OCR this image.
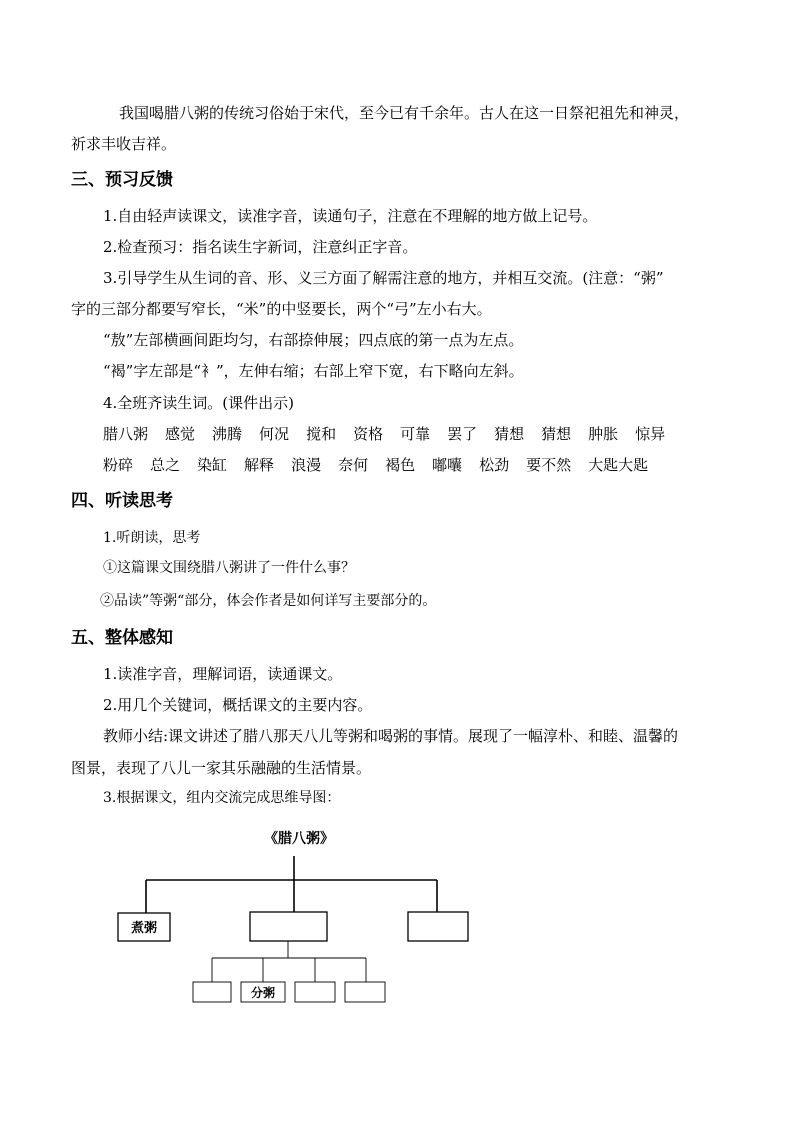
我国喝腊八粥的传统习俗始于宋代，至今已有千余年。古人在这一日祭祀祖先和神灵，
祈求丰收吉祥。
三、预习反馈
1.自由轻声读课文，读准字音，读通句子，注意在不理解的地方做上记号。
2.检查预习：指名读生字新词，注意纠正字音。
3.引导学生从生词的音、形、义三方面了解需注意的地方，并相互交流。(注意：“粥”
字的三部分都要写窄长，“米”的中竖要长，两个“弓”左小右大。
“敖”左部横画间距均匀，右部捺伸展；四点底的第一点为左点。
“褐”字左部是“衤”，左伸右缩；右部上窄下宽，右下略向左斜。
4.全班齐读生词。(课件出示)
腊八粥 感觉 沸腾 何况 搅和 资格 可靠 罢了 猜想 猜想 肿胀 惊异
粉碎 总之 染缸 解释 浪漫 奈何 褐色 嘟囔 松劲 要不然 大匙大匙
四、听读思考
1.听朗读，思考
①这篇课文围绕腊八粥讲了一件什么事？
②品读”等粥“部分，体会作者是如何详写主要部分的。
五、整体感知
1.读准字音，理解词语，读通课文。
2.用几个关键词，概括课文的主要内容。
教师小结:课文讲述了腊八那天八儿等粥和喝粥的事情。展现了一幅淳朴、和睦、温馨的
图景，表现了八儿一家其乐融融的生活情景。
3.根据课文，组内交流完成思维导图：
《腊八粥》
煮粥
分粥
